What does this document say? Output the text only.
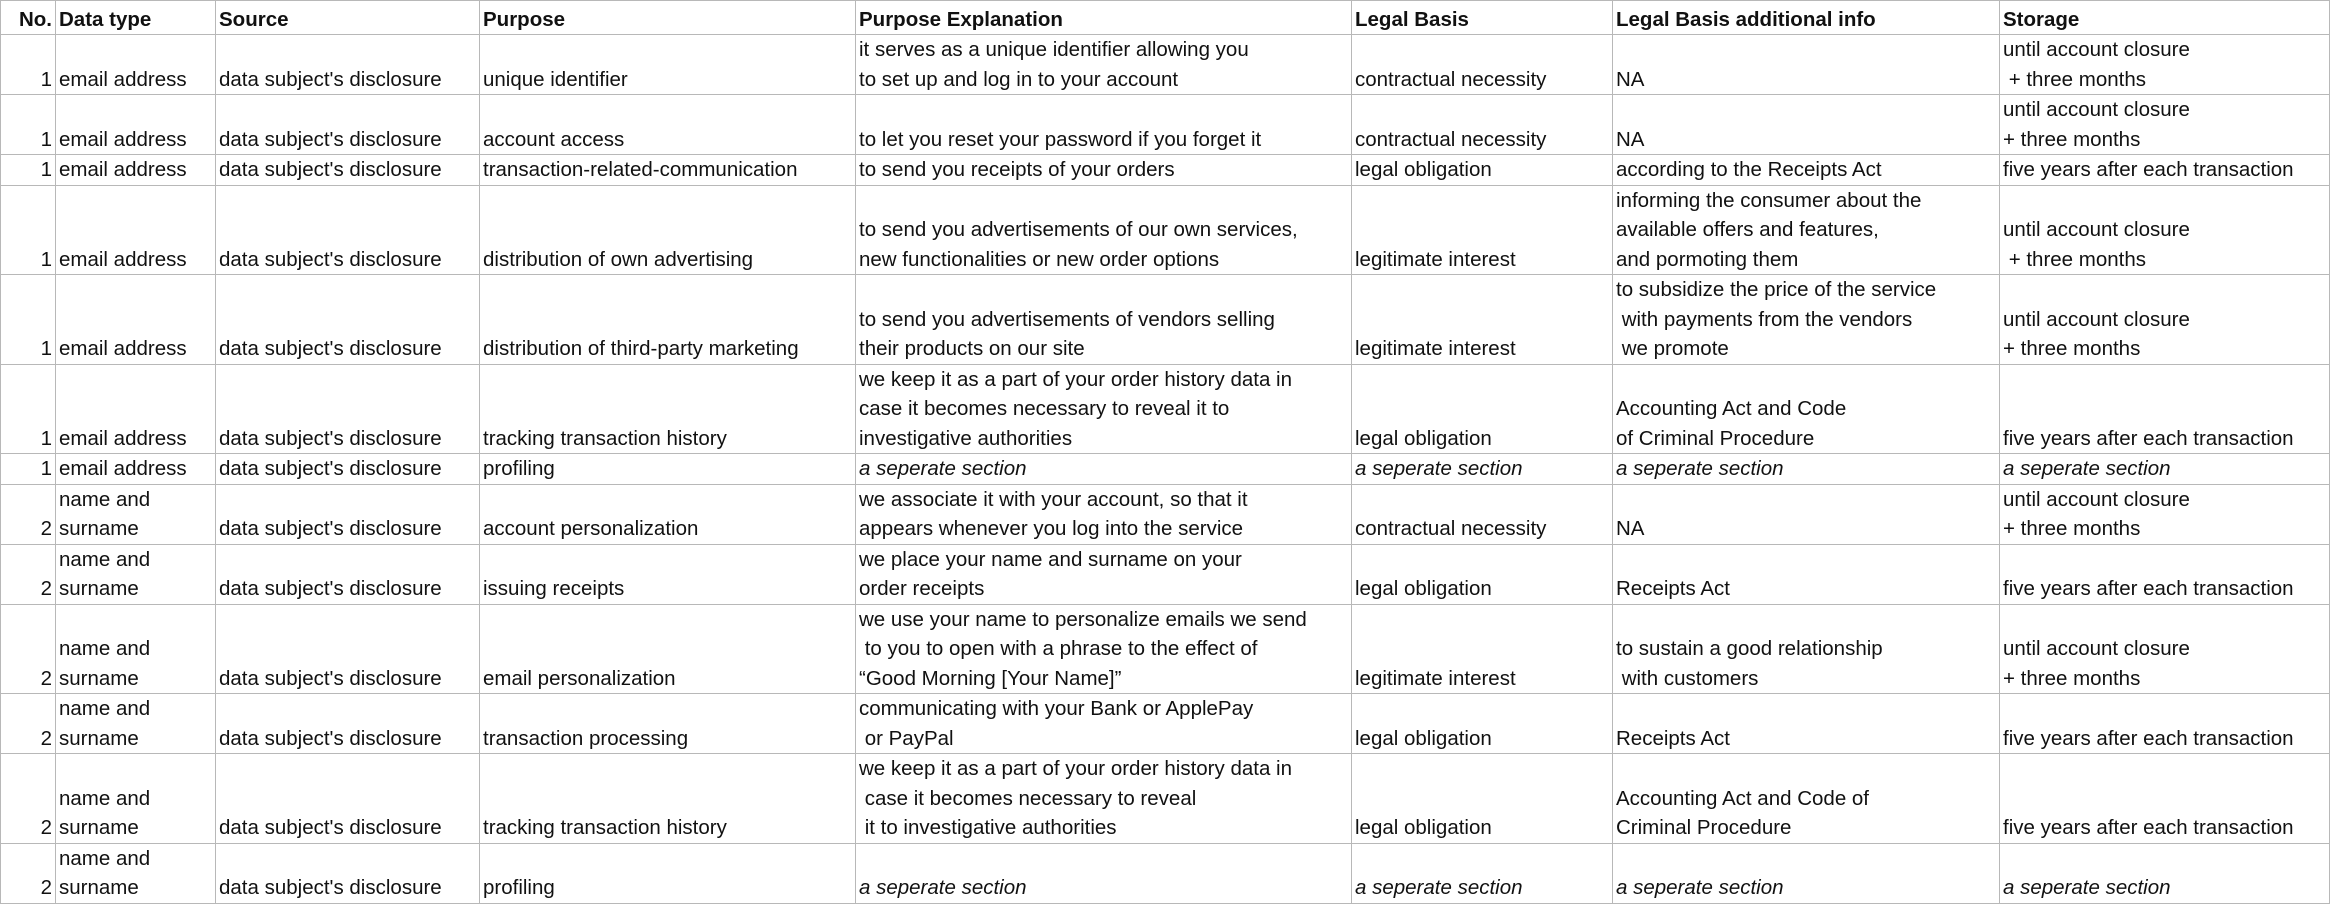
No.	Data type	Source	Purpose	Purpose Explanation	Legal Basis	Legal Basis additional info	Storage
1	email address	data subject's disclosure	unique identifier	it serves as a unique identifier allowing you
to set up and log in to your account	contractual necessity	NA	until account closure
+ three months
1	email address	data subject's disclosure	account access	to let you reset your password if you forget it	contractual necessity	NA	until account closure
+ three months
1	email address	data subject's disclosure	transaction-related-communication	to send you receipts of your orders	legal obligation	according to the Receipts Act	five years after each transaction
1	email address	data subject's disclosure	distribution of own advertising	to send you advertisements of our own services,
new functionalities or new order options	legitimate interest	informing the consumer about the
available offers and features,
and pormoting them	until account closure
+ three months
1	email address	data subject's disclosure	distribution of third-party marketing	to send you advertisements of vendors selling
their products on our site	legitimate interest	to subsidize the price of the service
with payments from the vendors
we promote	until account closure
+ three months
1	email address	data subject's disclosure	tracking transaction history	we keep it as a part of your order history data in
case it becomes necessary to reveal it to
investigative authorities	legal obligation	Accounting Act and Code
of Criminal Procedure	five years after each transaction
1	email address	data subject's disclosure	profiling	a seperate section	a seperate section	a seperate section	a seperate section
2	name and
surname	data subject's disclosure	account personalization	we associate it with your account, so that it
appears whenever you log into the service	contractual necessity	NA	until account closure
+ three months
2	name and
surname	data subject's disclosure	issuing receipts	we place your name and surname on your
order receipts	legal obligation	Receipts Act	five years after each transaction
2	name and
surname	data subject's disclosure	email personalization	we use your name to personalize emails we send
to you to open with a phrase to the effect of
“Good Morning [Your Name]”	legitimate interest	to sustain a good relationship
with customers	until account closure
+ three months
2	name and
surname	data subject's disclosure	transaction processing	communicating with your Bank or ApplePay
or PayPal	legal obligation	Receipts Act	five years after each transaction
2	name and
surname	data subject's disclosure	tracking transaction history	we keep it as a part of your order history data in
case it becomes necessary to reveal
it to investigative authorities	legal obligation	Accounting Act and Code of
Criminal Procedure	five years after each transaction
2	name and
surname	data subject's disclosure	profiling	a seperate section	a seperate section	a seperate section	a seperate section
